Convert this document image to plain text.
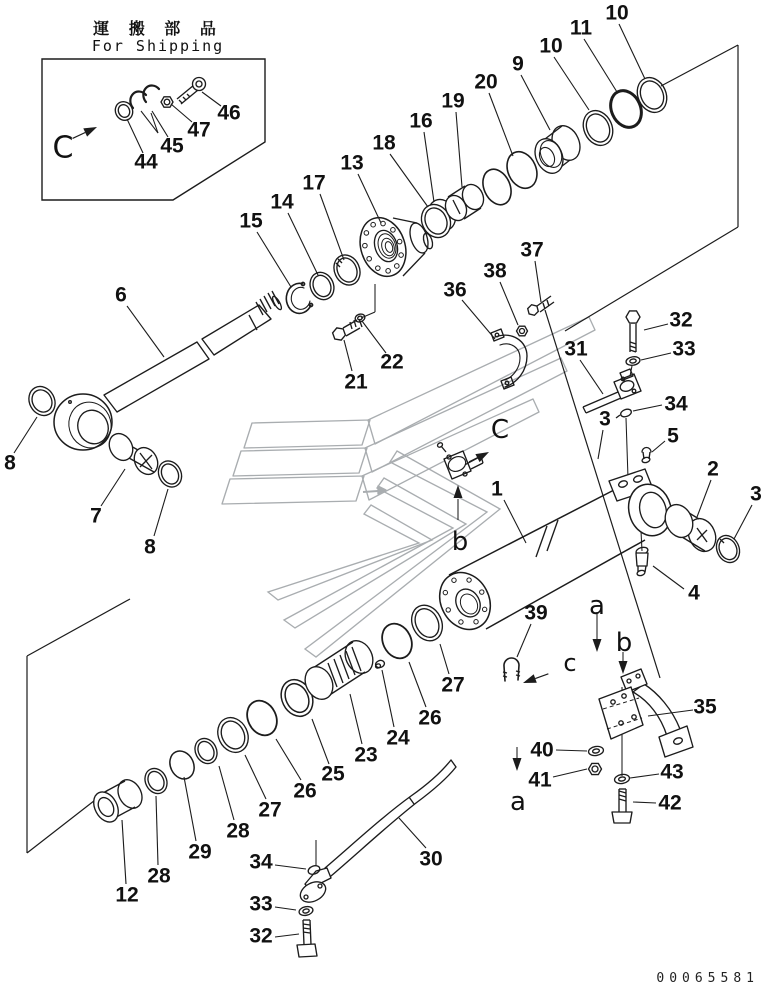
15
14
17
13
18
16
19
20
9
10
11
10
6
8
7
8
21
22
36
37
38
31
32
33
34
3
5
2
3
1
4
12
28
29
28
27
26
25
23
24
26
27
39
30
34
33
32
35
40
41	43
42
44
45
46
47
C
C
b
a
b
c
a
運 搬 部 品
For Shipping
00065581
